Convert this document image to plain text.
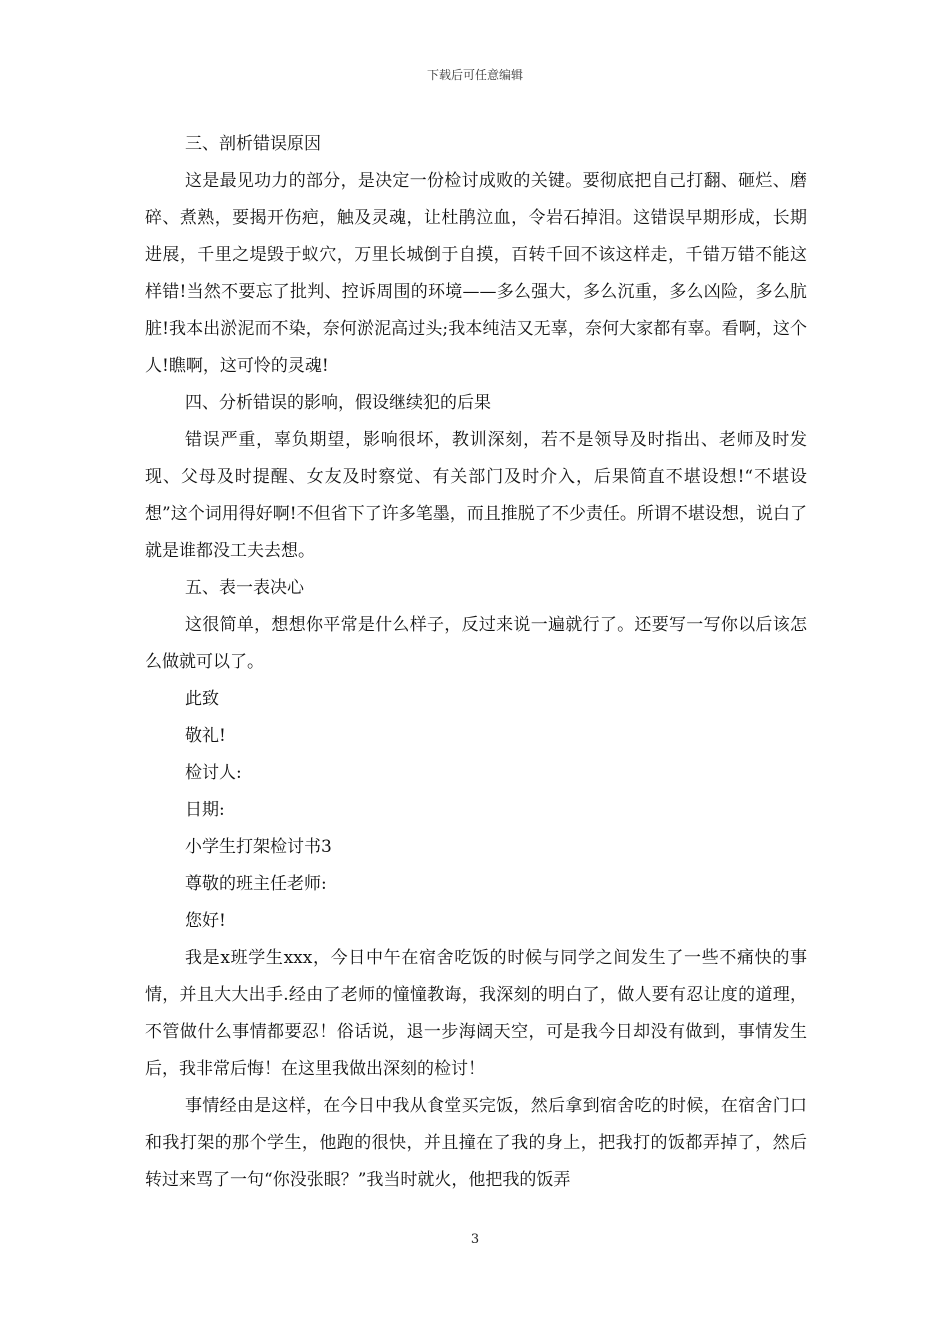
下载后可任意编辑

三、剖析错误原因

这是最见功力的部分，是决定一份检讨成败的关键。要彻底把自己打翻、砸烂、磨碎、煮熟，要揭开伤疤，触及灵魂，让杜鹃泣血，令岩石掉泪。这错误早期形成，长期进展，千里之堤毁于蚁穴，万里长城倒于自摸，百转千回不该这样走，千错万错不能这样错!当然不要忘了批判、控诉周围的环境——多么强大，多么沉重，多么凶险，多么肮脏!我本出淤泥而不染，奈何淤泥高过头;我本纯洁又无辜，奈何大家都有辜。看啊，这个人!瞧啊，这可怜的灵魂!

四、分析错误的影响，假设继续犯的后果

错误严重，辜负期望，影响很坏，教训深刻，若不是领导及时指出、老师及时发现、父母及时提醒、女友及时察觉、有关部门及时介入，后果简直不堪设想!“不堪设想”这个词用得好啊!不但省下了许多笔墨，而且推脱了不少责任。所谓不堪设想，说白了就是谁都没工夫去想。

五、表一表决心

这很简单，想想你平常是什么样子，反过来说一遍就行了。还要写一写你以后该怎么做就可以了。

此致

敬礼!

检讨人:

日期:

小学生打架检讨书3

尊敬的班主任老师:

您好!

我是x班学生xxx，今日中午在宿舍吃饭的时候与同学之间发生了一些不痛快的事情，并且大大出手.经由了老师的憧憧教诲，我深刻的明白了，做人要有忍让度的道理，不管做什么事情都要忍！俗话说，退一步海阔天空，可是我今日却没有做到，事情发生后，我非常后悔！在这里我做出深刻的检讨！

事情经由是这样，在今日中我从食堂买完饭，然后拿到宿舍吃的时候，在宿舍门口和我打架的那个学生，他跑的很快，并且撞在了我的身上，把我打的饭都弄掉了，然后转过来骂了一句“你没张眼？”我当时就火，他把我的饭弄

3
